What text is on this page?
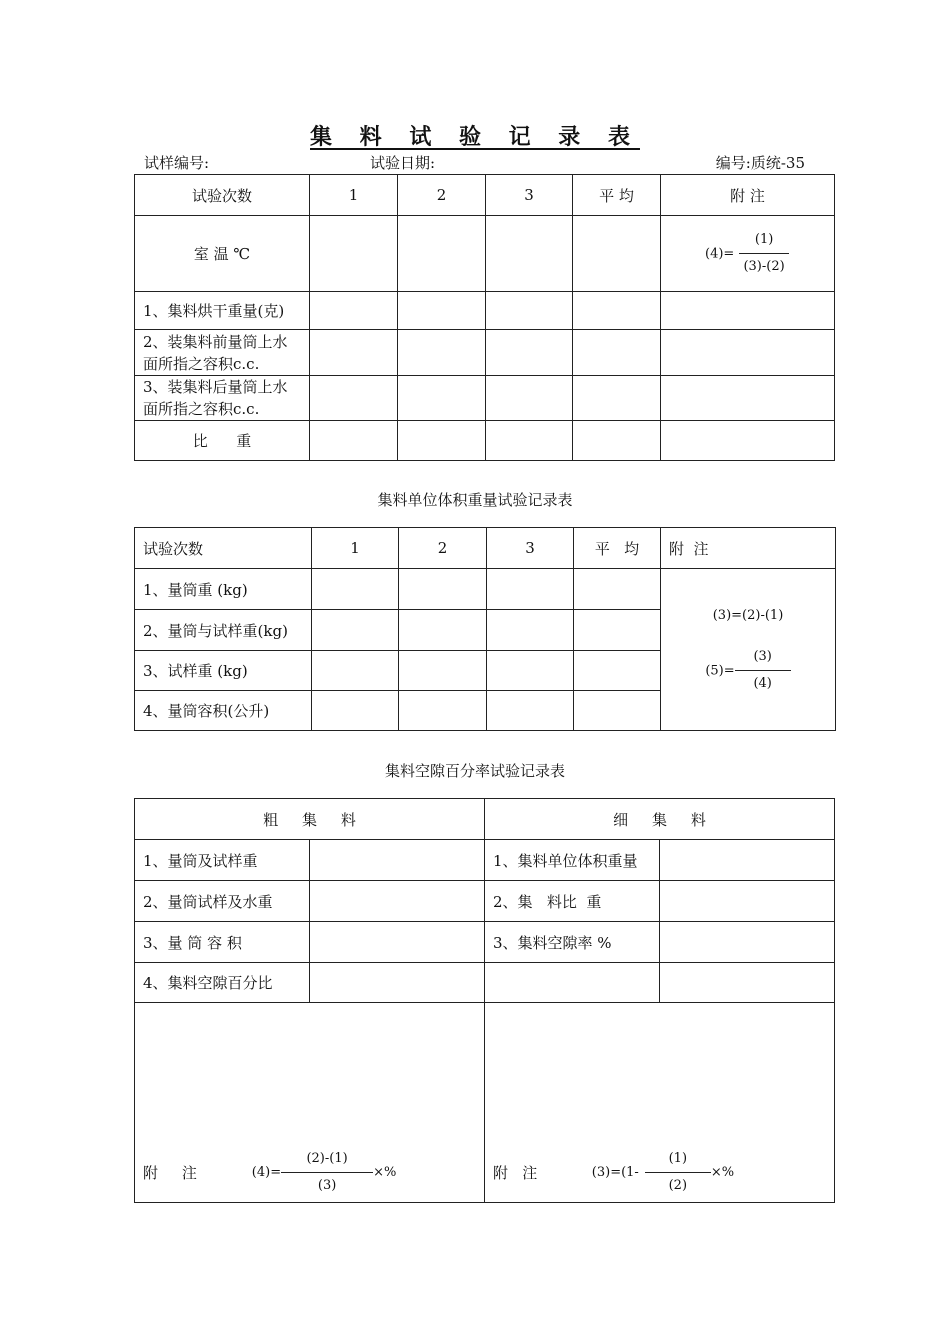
集 料 试 验 记 录 表
试样编号:	试验日期:	编号:质统-35
试验次数	1	2	3	平 均	附 注
室 温 ℃					$(4)= \frac{(1)}{(3)-(2)}$

1、集料烘干重量(克)					
2、装集料前量筒上水面所指之容积c.c.					
3、装集料后量筒上水面所指之容积c.c.					
比      重					
集料单位体积重量试验记录表
试验次数	1	2	3	平   均	附  注
1、量筒重 (kg)					(3)=(2)-(1)
$(5)= \frac{(3)}{(4)}$

2、量筒与试样重(kg)					
3、试样重 (kg)					
4、量筒容积(公升)					
集料空隙百分率试验记录表
粗     集     料		细     集     料	
1、量筒及试样重		1、集料单位体积重量	
2、量筒试样及水重		2、集   料比  重	
3、量 筒 容 积		3、集料空隙率 %	
4、集料空隙百分比			
附     注 $(4)= \frac{(2)-(1)}{(3)}$ ×%		附   注 $(3)=(1- \frac{(1)}{(2)}$ ×%	
